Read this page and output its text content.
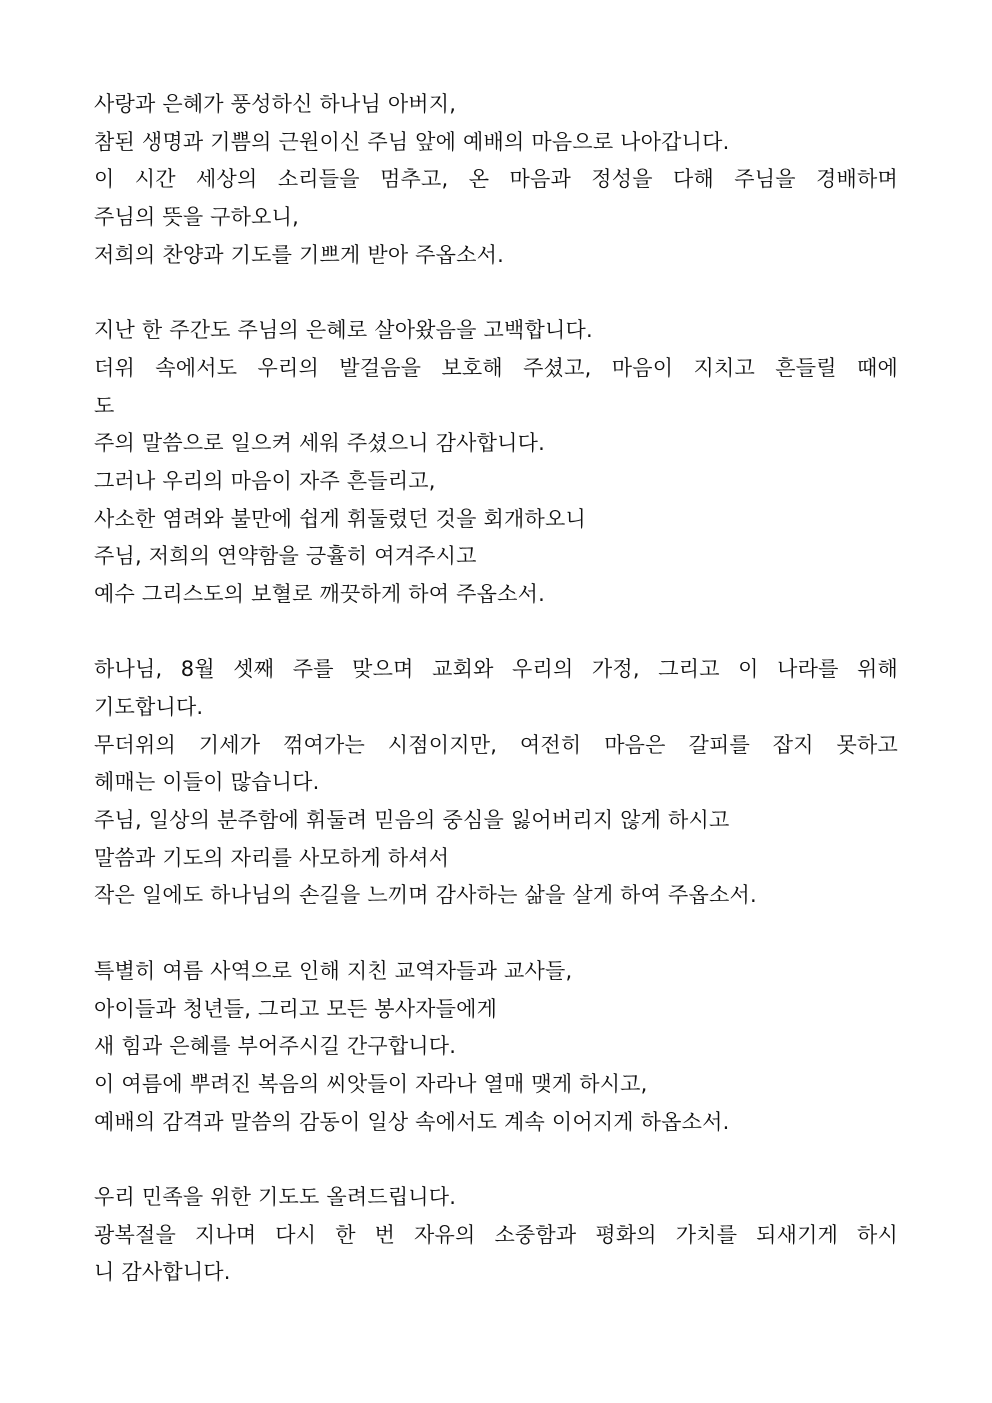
사랑과 은혜가 풍성하신 하나님 아버지,
참된 생명과 기쁨의 근원이신 주님 앞에 예배의 마음으로 나아갑니다.
이 시간 세상의 소리들을 멈추고, 온 마음과 정성을 다해 주님을 경배하며
주님의 뜻을 구하오니,
저희의 찬양과 기도를 기쁘게 받아 주옵소서.
지난 한 주간도 주님의 은혜로 살아왔음을 고백합니다.
더위 속에서도 우리의 발걸음을 보호해 주셨고, 마음이 지치고 흔들릴 때에
도
주의 말씀으로 일으켜 세워 주셨으니 감사합니다.
그러나 우리의 마음이 자주 흔들리고,
사소한 염려와 불만에 쉽게 휘둘렸던 것을 회개하오니
주님, 저희의 연약함을 긍휼히 여겨주시고
예수 그리스도의 보혈로 깨끗하게 하여 주옵소서.
하나님, 8월 셋째 주를 맞으며 교회와 우리의 가정, 그리고 이 나라를 위해
기도합니다.
무더위의 기세가 꺾여가는 시점이지만, 여전히 마음은 갈피를 잡지 못하고
헤매는 이들이 많습니다.
주님, 일상의 분주함에 휘둘려 믿음의 중심을 잃어버리지 않게 하시고
말씀과 기도의 자리를 사모하게 하셔서
작은 일에도 하나님의 손길을 느끼며 감사하는 삶을 살게 하여 주옵소서.
특별히 여름 사역으로 인해 지친 교역자들과 교사들,
아이들과 청년들, 그리고 모든 봉사자들에게
새 힘과 은혜를 부어주시길 간구합니다.
이 여름에 뿌려진 복음의 씨앗들이 자라나 열매 맺게 하시고,
예배의 감격과 말씀의 감동이 일상 속에서도 계속 이어지게 하옵소서.
우리 민족을 위한 기도도 올려드립니다.
광복절을 지나며 다시 한 번 자유의 소중함과 평화의 가치를 되새기게 하시
니 감사합니다.
